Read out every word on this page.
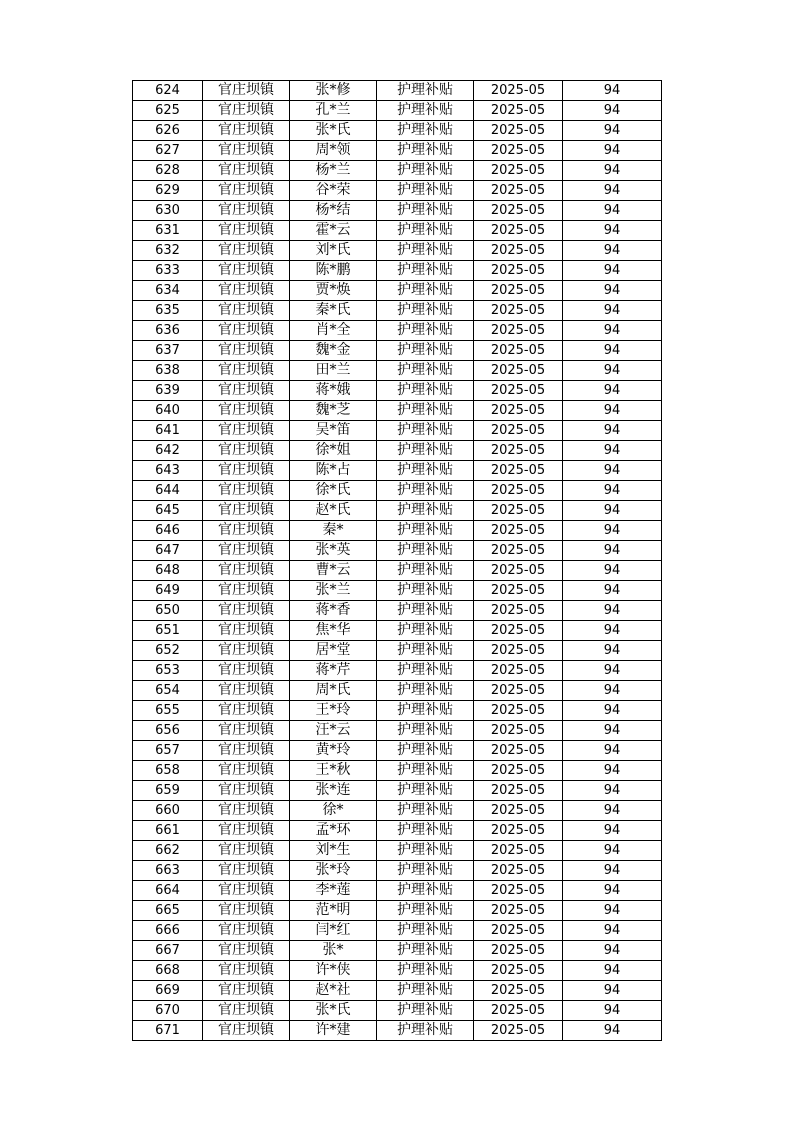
624	官庄坝镇	张*修	护理补贴	2025-05	94
625	官庄坝镇	孔*兰	护理补贴	2025-05	94
626	官庄坝镇	张*氏	护理补贴	2025-05	94
627	官庄坝镇	周*领	护理补贴	2025-05	94
628	官庄坝镇	杨*兰	护理补贴	2025-05	94
629	官庄坝镇	谷*荣	护理补贴	2025-05	94
630	官庄坝镇	杨*结	护理补贴	2025-05	94
631	官庄坝镇	霍*云	护理补贴	2025-05	94
632	官庄坝镇	刘*氏	护理补贴	2025-05	94
633	官庄坝镇	陈*鹏	护理补贴	2025-05	94
634	官庄坝镇	贾*焕	护理补贴	2025-05	94
635	官庄坝镇	秦*氏	护理补贴	2025-05	94
636	官庄坝镇	肖*全	护理补贴	2025-05	94
637	官庄坝镇	魏*金	护理补贴	2025-05	94
638	官庄坝镇	田*兰	护理补贴	2025-05	94
639	官庄坝镇	蒋*娥	护理补贴	2025-05	94
640	官庄坝镇	魏*芝	护理补贴	2025-05	94
641	官庄坝镇	吴*笛	护理补贴	2025-05	94
642	官庄坝镇	徐*姐	护理补贴	2025-05	94
643	官庄坝镇	陈*占	护理补贴	2025-05	94
644	官庄坝镇	徐*氏	护理补贴	2025-05	94
645	官庄坝镇	赵*氏	护理补贴	2025-05	94
646	官庄坝镇	秦*	护理补贴	2025-05	94
647	官庄坝镇	张*英	护理补贴	2025-05	94
648	官庄坝镇	曹*云	护理补贴	2025-05	94
649	官庄坝镇	张*兰	护理补贴	2025-05	94
650	官庄坝镇	蒋*香	护理补贴	2025-05	94
651	官庄坝镇	焦*华	护理补贴	2025-05	94
652	官庄坝镇	居*堂	护理补贴	2025-05	94
653	官庄坝镇	蒋*芹	护理补贴	2025-05	94
654	官庄坝镇	周*氏	护理补贴	2025-05	94
655	官庄坝镇	王*玲	护理补贴	2025-05	94
656	官庄坝镇	汪*云	护理补贴	2025-05	94
657	官庄坝镇	黄*玲	护理补贴	2025-05	94
658	官庄坝镇	王*秋	护理补贴	2025-05	94
659	官庄坝镇	张*连	护理补贴	2025-05	94
660	官庄坝镇	徐*	护理补贴	2025-05	94
661	官庄坝镇	孟*环	护理补贴	2025-05	94
662	官庄坝镇	刘*生	护理补贴	2025-05	94
663	官庄坝镇	张*玲	护理补贴	2025-05	94
664	官庄坝镇	李*莲	护理补贴	2025-05	94
665	官庄坝镇	范*明	护理补贴	2025-05	94
666	官庄坝镇	闫*红	护理补贴	2025-05	94
667	官庄坝镇	张*	护理补贴	2025-05	94
668	官庄坝镇	许*侠	护理补贴	2025-05	94
669	官庄坝镇	赵*社	护理补贴	2025-05	94
670	官庄坝镇	张*氏	护理补贴	2025-05	94
671	官庄坝镇	许*建	护理补贴	2025-05	94
